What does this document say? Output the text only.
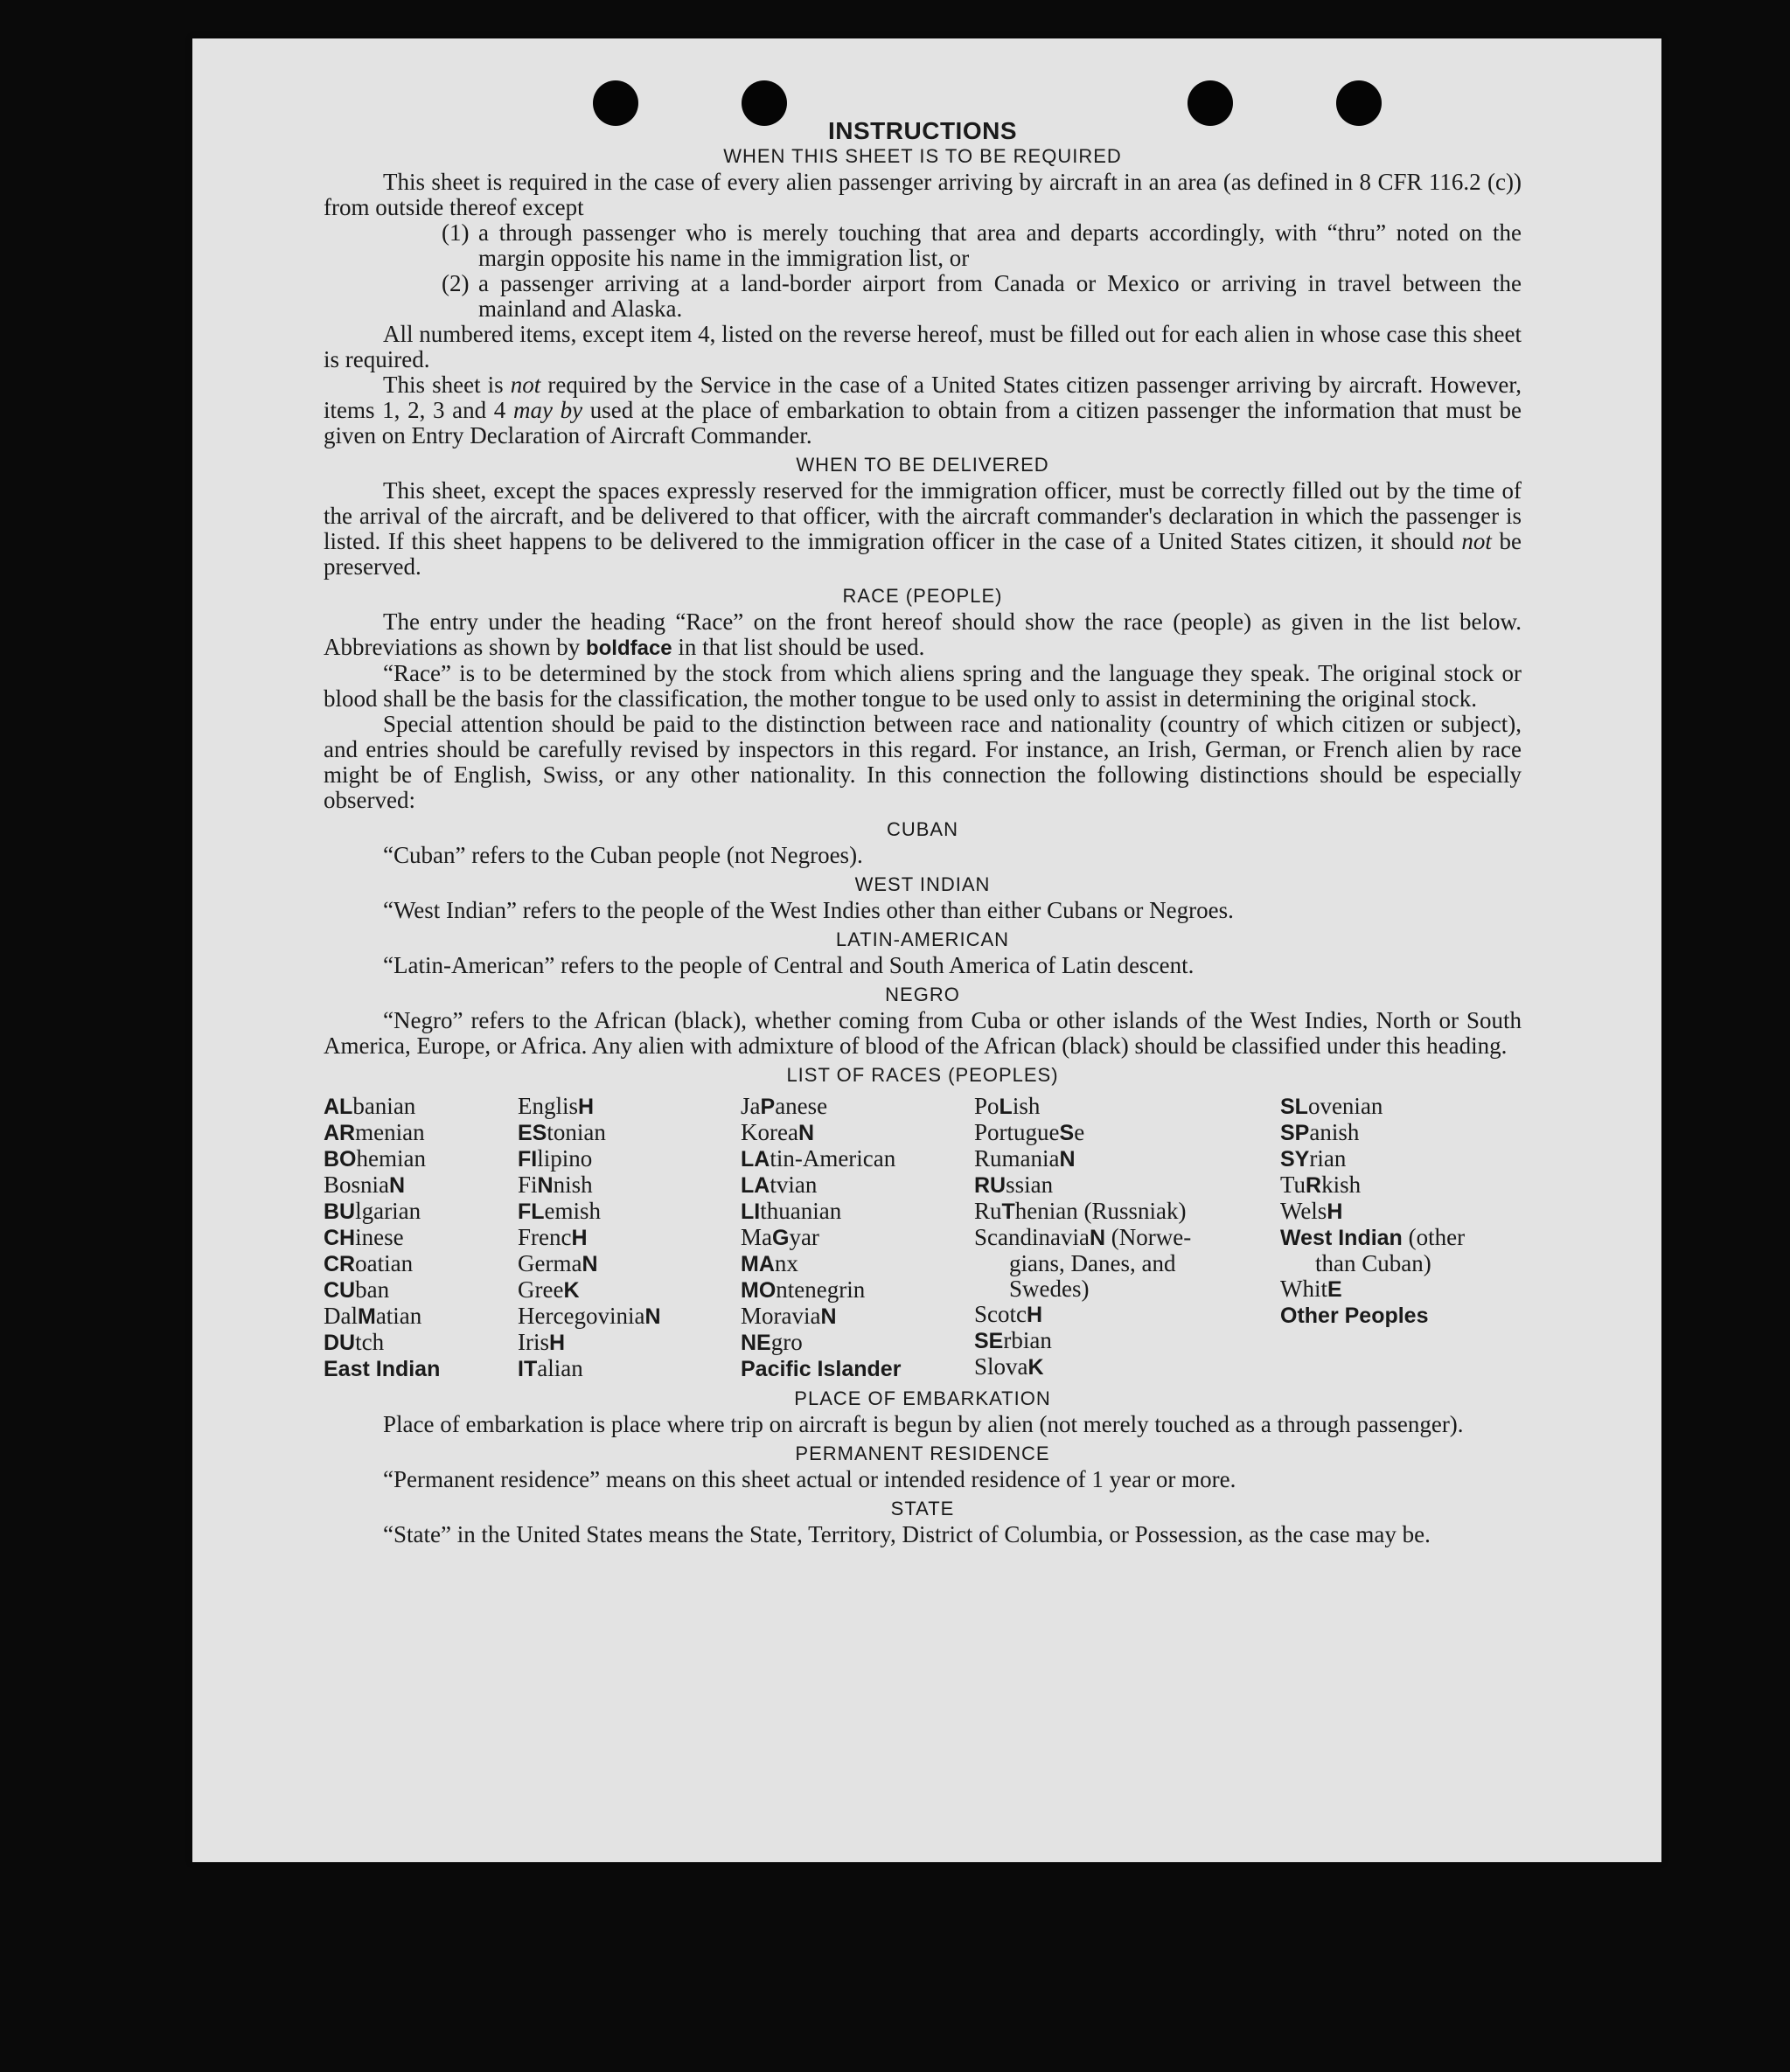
INSTRUCTIONS
WHEN THIS SHEET IS TO BE REQUIRED

This sheet is required in the case of every alien passenger arriving by aircraft in an area (as defined in 8 CFR 116.2 (c)) from outside thereof except

(1) a through passenger who is merely touching that area and departs accordingly, with “thru” noted on the margin opposite his name in the immigration list, or
(2) a passenger arriving at a land-border airport from Canada or Mexico or arriving in travel between the mainland and Alaska.

All numbered items, except item 4, listed on the reverse hereof, must be filled out for each alien in whose case this sheet is required.

This sheet is not required by the Service in the case of a United States citizen passenger arriving by aircraft. However, items 1, 2, 3 and 4 may by used at the place of embarkation to obtain from a citizen passenger the information that must be given on Entry Declaration of Aircraft Commander.

WHEN TO BE DELIVERED

This sheet, except the spaces expressly reserved for the immigration officer, must be correctly filled out by the time of the arrival of the aircraft, and be delivered to that officer, with the aircraft commander's declaration in which the passenger is listed. If this sheet happens to be delivered to the immigration officer in the case of a United States citizen, it should not be preserved.

RACE (PEOPLE)

The entry under the heading “Race” on the front hereof should show the race (people) as given in the list below. Abbreviations as shown by boldface in that list should be used.

“Race” is to be determined by the stock from which aliens spring and the language they speak. The original stock or blood shall be the basis for the classification, the mother tongue to be used only to assist in determining the original stock.

Special attention should be paid to the distinction between race and nationality (country of which citizen or subject), and entries should be carefully revised by inspectors in this regard. For instance, an Irish, German, or French alien by race might be of English, Swiss, or any other nationality. In this connection the following distinctions should be especially observed:

CUBAN

“Cuban” refers to the Cuban people (not Negroes).

WEST INDIAN

“West Indian” refers to the people of the West Indies other than either Cubans or Negroes.

LATIN-AMERICAN

“Latin-American” refers to the people of Central and South America of Latin descent.

NEGRO

“Negro” refers to the African (black), whether coming from Cuba or other islands of the West Indies, North or South America, Europe, or Africa. Any alien with admixture of blood of the African (black) should be classified under this heading.

LIST OF RACES (PEOPLES)
ALbanian
ARmenian
BOhemian
BosniaN
BUlgarian
CHinese
CRoatian
CUban
DalMatian
DUtch
East Indian
EnglisH
EStonian
FIlipino
FiNnish
FLemish
FrencH
GermaN
GreeK
HercegoviniaN
IrisH
ITalian
JaPanese
KoreaN
LAtin-American
LAtvian
LIthuanian
MaGyar
MAnx
MOntenegrin
MoraviaN
NEgro
Pacific Islander
PoLish
PortugueSe
RumaniaN
RUssian
RuThenian (Russniak)
ScandinaviaN (Norwe-
gians, Danes, and
Swedes)
ScotcH
SErbian
SlovaK
SLovenian
SPanish
SYrian
TuRkish
WelsH
West Indian (other
than Cuban)
WhitE
Other Peoples
PLACE OF EMBARKATION

Place of embarkation is place where trip on aircraft is begun by alien (not merely touched as a through passenger).

PERMANENT RESIDENCE

“Permanent residence” means on this sheet actual or intended residence of 1 year or more.

STATE

“State” in the United States means the State, Territory, District of Columbia, or Possession, as the case may be.
